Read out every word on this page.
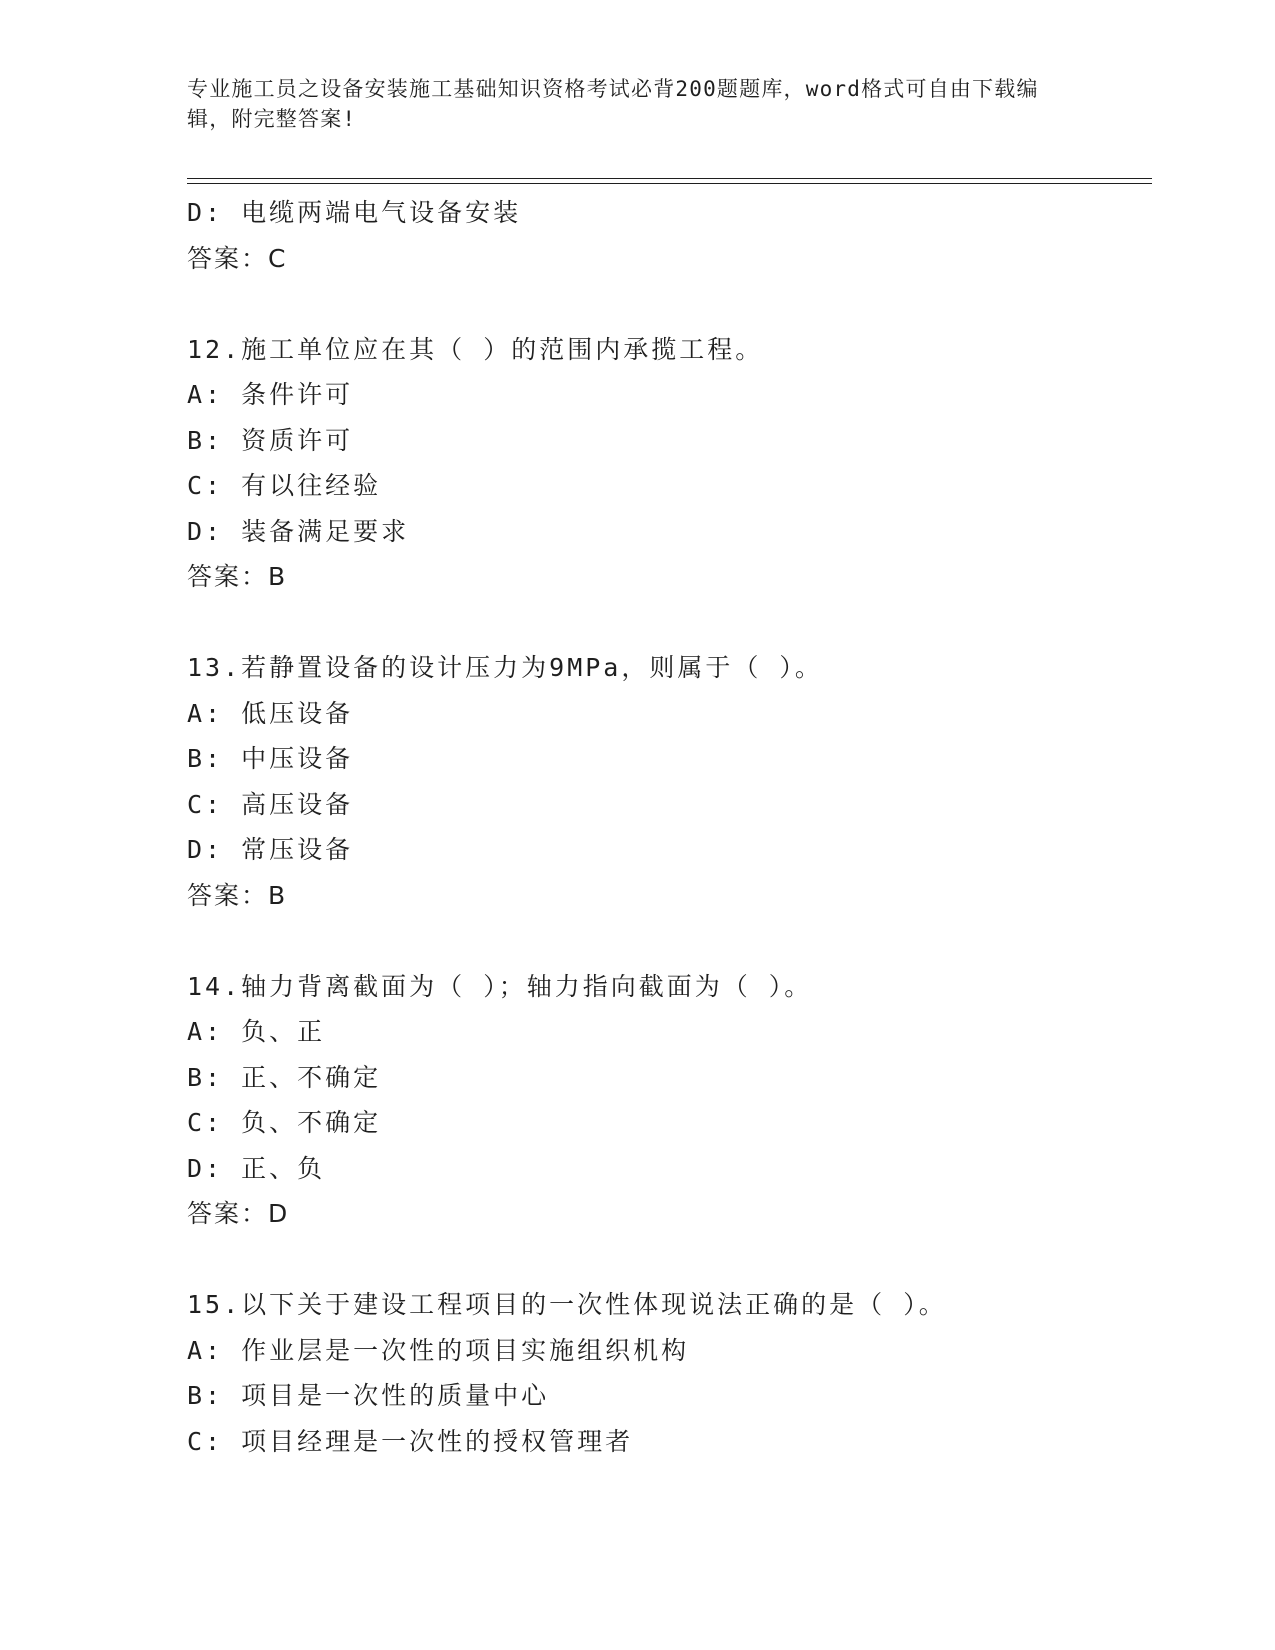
专业施工员之设备安装施工基础知识资格考试必背200题题库，word格式可自由下载编辑，附完整答案!
D: 电缆两端电气设备安装
答案：C
12.施工单位应在其（ ）的范围内承揽工程。
A: 条件许可
B: 资质许可
C: 有以往经验
D: 装备满足要求
答案：B
13.若静置设备的设计压力为9MPa，则属于（ ）。
A: 低压设备
B: 中压设备
C: 高压设备
D: 常压设备
答案：B
14.轴力背离截面为（ ）；轴力指向截面为（ ）。
A: 负、正
B: 正、不确定
C: 负、不确定
D: 正、负
答案：D
15.以下关于建设工程项目的一次性体现说法正确的是（ ）。
A: 作业层是一次性的项目实施组织机构
B: 项目是一次性的质量中心
C: 项目经理是一次性的授权管理者
